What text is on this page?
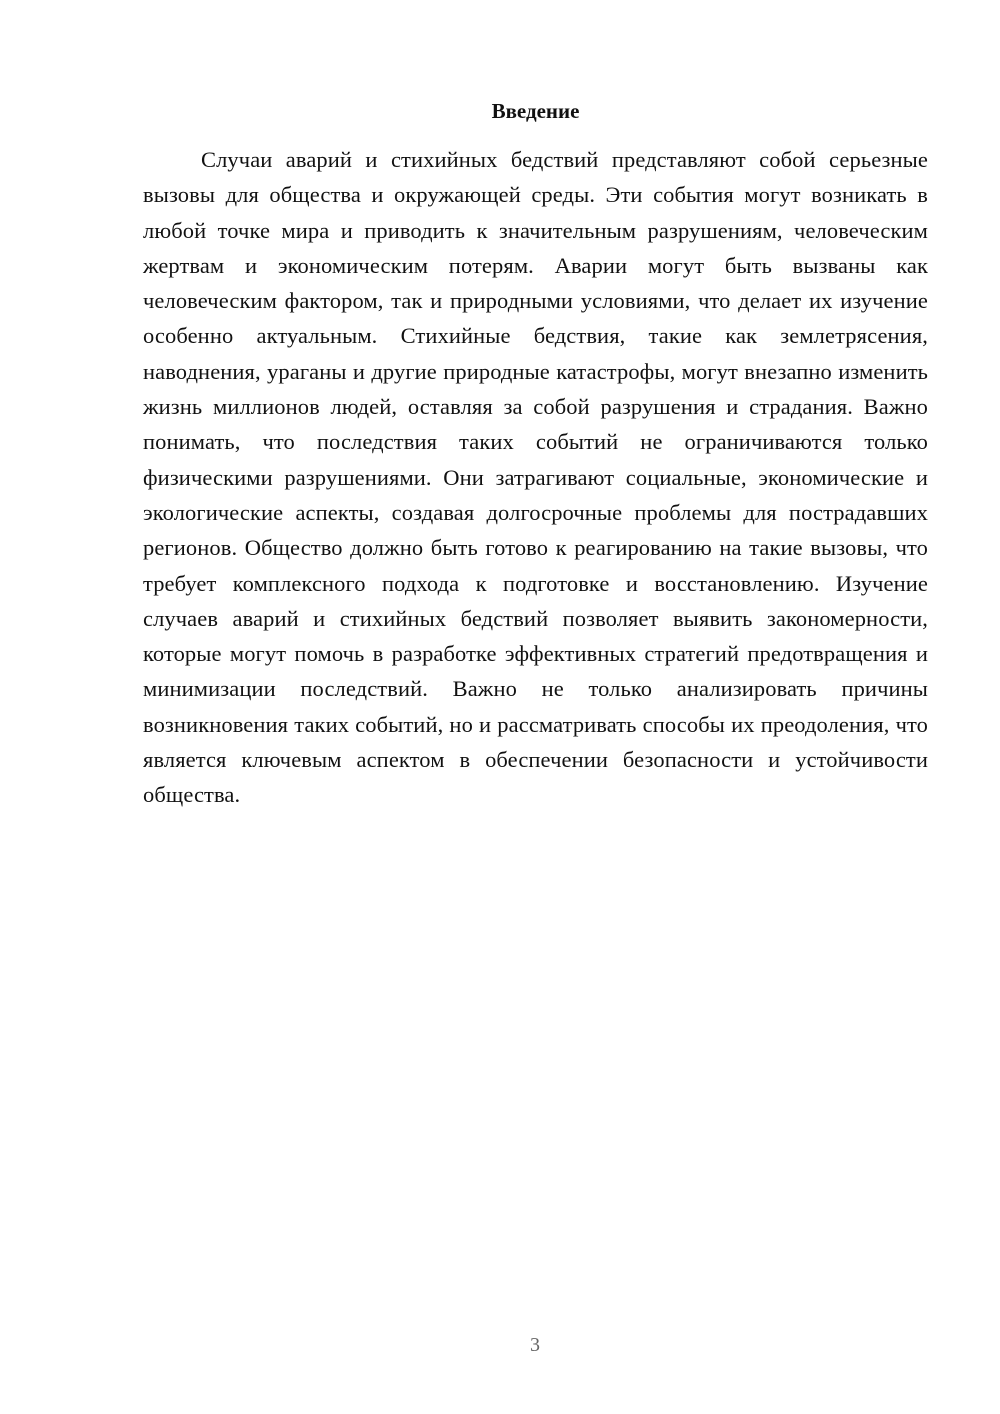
Введение

Случаи аварий и стихийных бедствий представляют собой серьезные вызовы для общества и окружающей среды. Эти события могут возникать в любой точке мира и приводить к значительным разрушениям, человеческим жертвам и экономическим потерям. Аварии могут быть вызваны как человеческим фактором, так и природными условиями, что делает их изучение особенно актуальным. Стихийные бедствия, такие как землетрясения, наводнения, ураганы и другие природные катастрофы, могут внезапно изменить жизнь миллионов людей, оставляя за собой разрушения и страдания. Важно понимать, что последствия таких событий не ограничиваются только физическими разрушениями. Они затрагивают социальные, экономические и экологические аспекты, создавая долгосрочные проблемы для пострадавших регионов. Общество должно быть готово к реагированию на такие вызовы, что требует комплексного подхода к подготовке и восстановлению. Изучение случаев аварий и стихийных бедствий позволяет выявить закономерности, которые могут помочь в разработке эффективных стратегий предотвращения и минимизации последствий. Важно не только анализировать причины возникновения таких событий, но и рассматривать способы их преодоления, что является ключевым аспектом в обеспечении безопасности и устойчивости общества.

3
